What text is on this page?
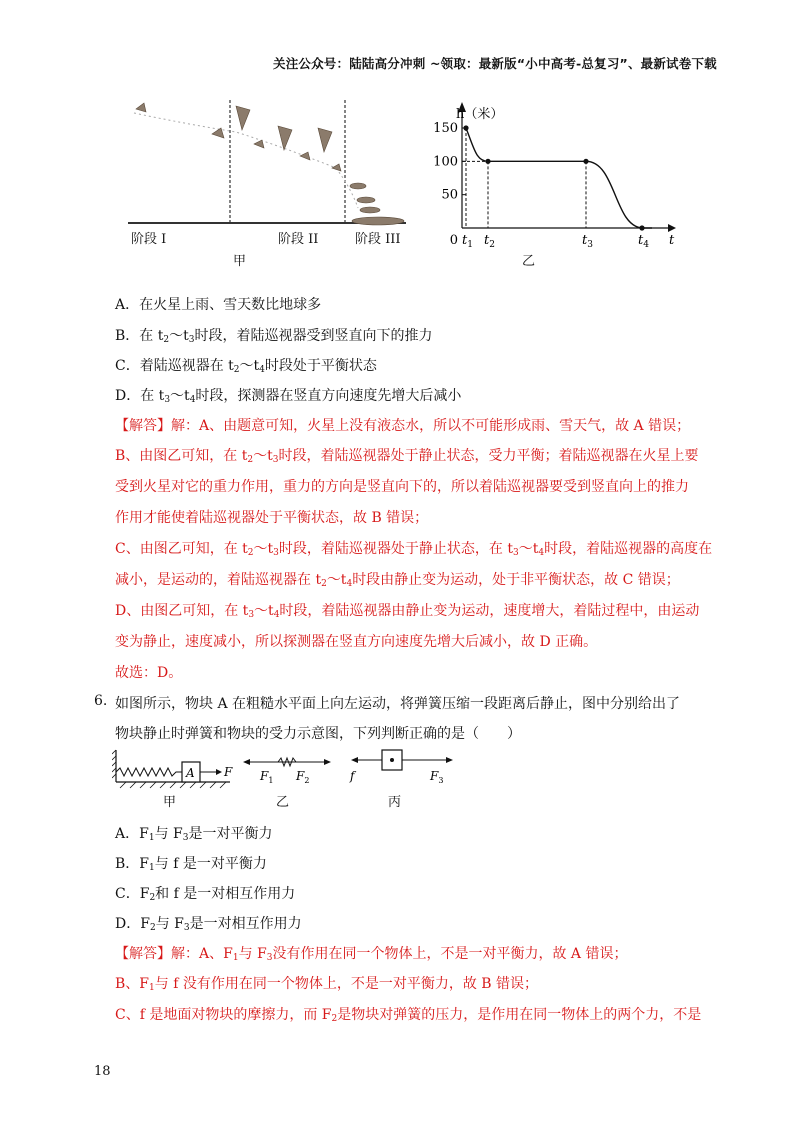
关注公众号：陆陆高分冲刺 ~领取：最新版“小中高考-总复习”、最新试卷下载
阶段 I	阶段 II	阶段 III
甲
0	t
h（米）
150
100
50
$t_1$ $t_2$	$t_3$	$t_4$
乙
A．在火星上雨、雪天数比地球多
B．在 $t_2\sim t_3$时段，着陆巡视器受到竖直向下的推力
C．着陆巡视器在 $t_2\sim t_4$时段处于平衡状态
D．在 $t_3\sim t_4$时段，探测器在竖直方向速度先增大后减小
【解答】解：A、由题意可知，火星上没有液态水，所以不可能形成雨、雪天气，故 A 错误；
B、由图乙可知，在 $t_2\sim t_3$时段，着陆巡视器处于静止状态，受力平衡；着陆巡视器在火星上要
受到火星对它的重力作用，重力的方向是竖直向下的，所以着陆巡视器要受到竖直向上的推力
作用才能使着陆巡视器处于平衡状态，故 B 错误；
C、由图乙可知，在 $t_2\sim t_3$时段，着陆巡视器处于静止状态，在 $t_3\sim t_4$时段，着陆巡视器的高度在
减小，是运动的，着陆巡视器在 $t_2\sim t_4$时段由静止变为运动，处于非平衡状态，故 C 错误；
D、由图乙可知，在 $t_3\sim t_4$时段，着陆巡视器由静止变为运动，速度增大，着陆过程中，由运动
变为静止，速度减小，所以探测器在竖直方向速度先增大后减小，故 D 正确。
故选：D。
6. 如图所示，物块 A 在粗糙水平面上向左运动，将弹簧压缩一段距离后静止，图中分别给出了
物块静止时弹簧和物块的受力示意图，下列判断正确的是（　　）
A F
甲
$F_1$ $F_2$
乙
f	$F_3$
丙
A．$F_1$与 $F_3$是一对平衡力
B．$F_1$与 f 是一对平衡力
C．$F_2$和 f 是一对相互作用力
D．$F_2$与 $F_3$是一对相互作用力
【解答】解：A、$F_1$与 $F_3$没有作用在同一个物体上，不是一对平衡力，故 A 错误；
B、$F_1$与 f 没有作用在同一个物体上，不是一对平衡力，故 B 错误；
C、f 是地面对物块的摩擦力，而 $F_2$是物块对弹簧的压力，是作用在同一物体上的两个力，不是
18
